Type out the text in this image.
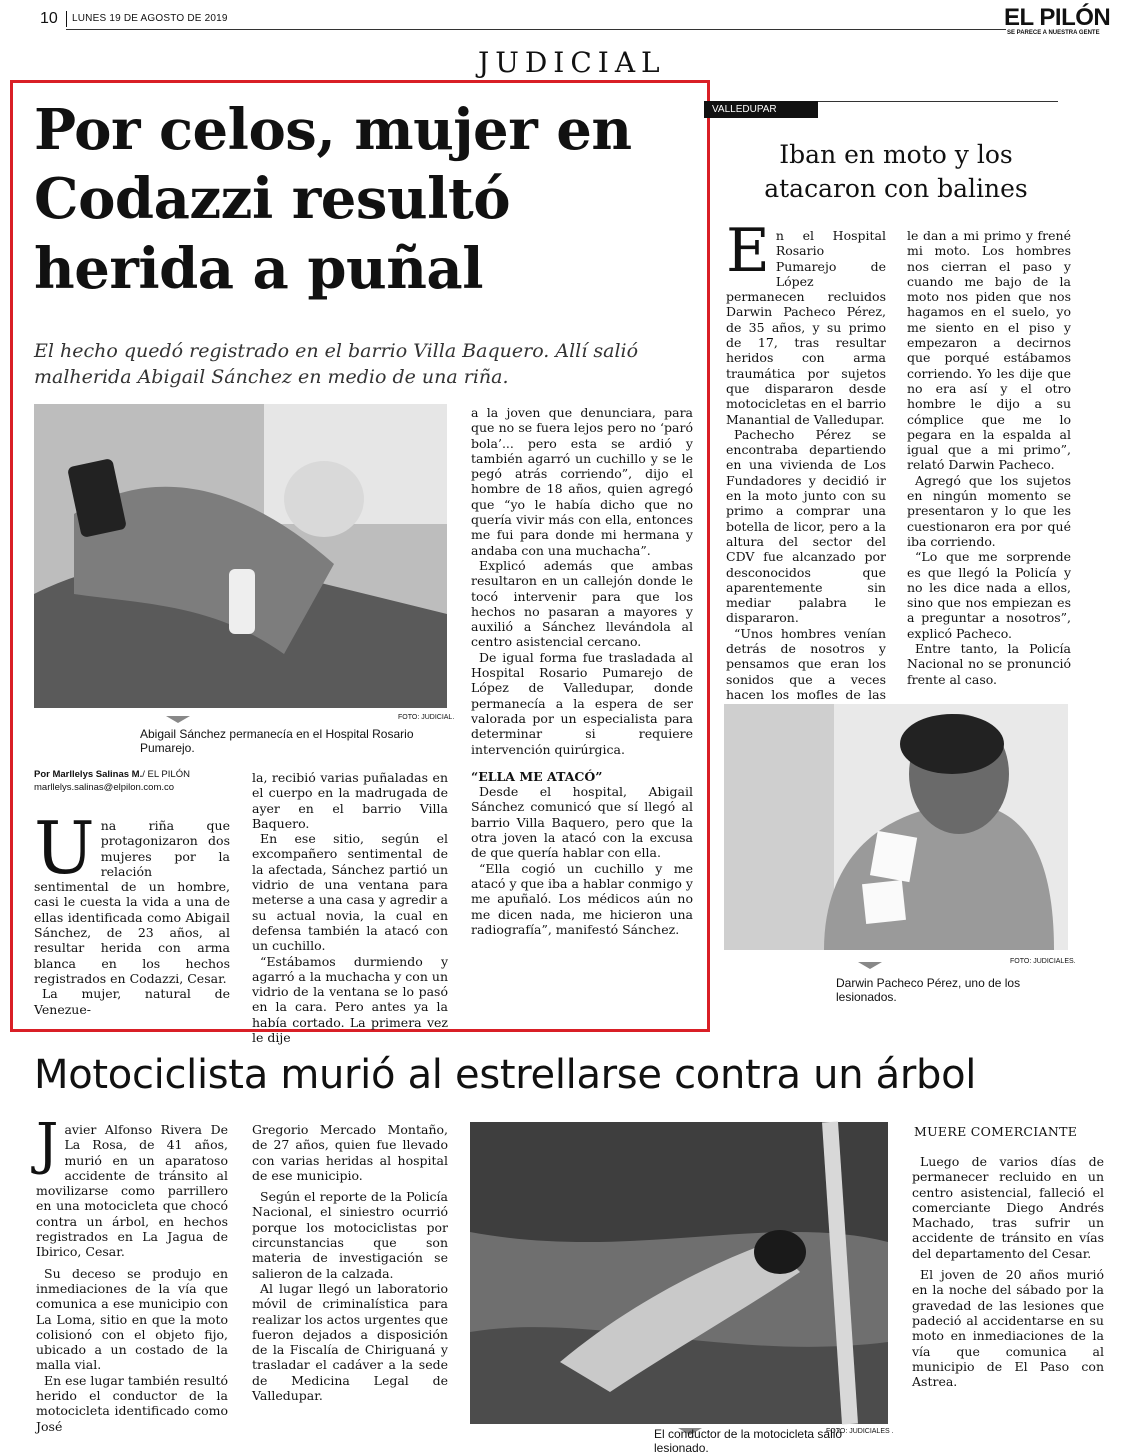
10 LUNES 19 DE AGOSTO DE 2019	EL PILÓN
SE PARECE A NUESTRA GENTE
JUDICIAL
Por celos, mujer en Codazzi resultó herida a puñal
El hecho quedó registrado en el barrio Villa Baquero. Allí salió malherida Abigail Sánchez en medio de una riña.
FOTO: JUDICIAL.
Abigail Sánchez permanecía en el Hospital Rosario Pumarejo.
Por Marllelys Salinas M./ EL PILÓN
marllelys.salinas@elpilon.com.co

Una riña que protagonizaron dos mujeres por la relación sentimental de un hombre, casi le cuesta la vida a una de ellas identificada como Abigail Sánchez, de 23 años, al resultar herida con arma blanca en los hechos registrados en Codazzi, Cesar.

La mujer, natural de Venezue-

la, recibió varias puñaladas en el cuerpo en la madrugada de ayer en el barrio Villa Baquero.

En ese sitio, según el excompañero sentimental de la afectada, Sánchez partió un vidrio de una ventana para meterse a una casa y agredir a su actual novia, la cual en defensa también la atacó con un cuchillo.

“Estábamos durmiendo y agarró a la muchacha y con un vidrio de la ventana se lo pasó en la cara. Pero antes ya la había cortado. La primera vez le dije

a la joven que denunciara, para que no se fuera lejos pero no ‘paró bola’... pero esta se ardió y también agarró un cuchillo y se le pegó atrás corriendo”, dijo el hombre de 18 años, quien agregó que “yo le había dicho que no quería vivir más con ella, entonces me fui para donde mi hermana y andaba con una muchacha”.

Explicó además que ambas resultaron en un callejón donde le tocó intervenir para que los hechos no pasaran a mayores y auxilió a Sánchez llevándola al centro asistencial cercano.

De igual forma fue trasladada al Hospital Rosario Pumarejo de López de Valledupar, donde permanecía a la espera de ser valorada por un especialista para determinar si requiere intervención quirúrgica.

“ELLA ME ATACÓ”

Desde el hospital, Abigail Sánchez comunicó que sí llegó al barrio Villa Baquero, pero que la otra joven la atacó con la excusa de que quería hablar con ella.

“Ella cogió un cuchillo y me atacó y que iba a hablar conmigo y me apuñaló. Los médicos aún no me dicen nada, me hicieron una radiografía”, manifestó Sánchez.

VALLEDUPAR
Iban en moto y los atacaron con balines

En el Hospital Rosario Pumarejo de López permanecen recluidos Darwin Pacheco Pérez, de 35 años, y su primo de 17, tras resultar heridos con arma traumática por sujetos que dispararon desde motocicletas en el barrio Manantial de Valledupar.

Pachecho Pérez se encontraba departiendo en una vivienda de Los Fundadores y decidió ir en la moto junto con su primo a comprar una botella de licor, pero a la altura del sector del CDV fue alcanzado por desconocidos que aparentemente sin mediar palabra le dispararon.

“Unos hombres venían detrás de nosotros y pensamos que eran los sonidos que a veces hacen los mofles de las

le dan a mi primo y frené mi moto. Los hombres nos cierran el paso y cuando me bajo de la moto nos piden que nos hagamos en el suelo, yo me siento en el piso y empezaron a decirnos que porqué estábamos corriendo. Yo les dije que no era así y el otro hombre le dijo a su cómplice que me lo pegara en la espalda al igual que a mi primo”, relató Darwin Pacheco.

Agregó que los sujetos en ningún momento se presentaron y lo que les cuestionaron era por qué iba corriendo.

“Lo que me sorprende es que llegó la Policía y no les dice nada a ellos, sino que nos empiezan es a preguntar a nosotros”, explicó Pacheco.

Entre tanto, la Policía Nacional no se pronunció frente al caso.

FOTO: JUDICIALES.
Darwin Pacheco Pérez, uno de los lesionados.
Motociclista murió al estrellarse contra un árbol

Javier Alfonso Rivera De La Rosa, de 41 años, murió en un aparatoso accidente de tránsito al movilizarse como parrillero en una motocicleta que chocó contra un árbol, en hechos registrados en La Jagua de Ibirico, Cesar.

Su deceso se produjo en inmediaciones de la vía que comunica a ese municipio con La Loma, sitio en que la moto colisionó con el objeto fijo, ubicado a un costado de la malla vial.

En ese lugar también resultó herido el conductor de la motocicleta identificado como José

Gregorio Mercado Montaño, de 27 años, quien fue llevado con varias heridas al hospital de ese municipio.

Según el reporte de la Policía Nacional, el siniestro ocurrió porque los motociclistas por circunstancias que son materia de investigación se salieron de la calzada.

Al lugar llegó un laboratorio móvil de criminalística para realizar los actos urgentes que fueron dejados a disposición de la Fiscalía de Chiriguaná y trasladar el cadáver a la sede de Medicina Legal de Valledupar.

FOTO: JUDICIALES .
El conductor de la motocicleta salió lesionado.
MUERE COMERCIANTE

Luego de varios días de permanecer recluido en un centro asistencial, falleció el comerciante Diego Andrés Machado, tras sufrir un accidente de tránsito en vías del departamento del Cesar.

El joven de 20 años murió en la noche del sábado por la gravedad de las lesiones que padeció al accidentarse en su moto en inmediaciones de la vía que comunica al municipio de El Paso con Astrea.
